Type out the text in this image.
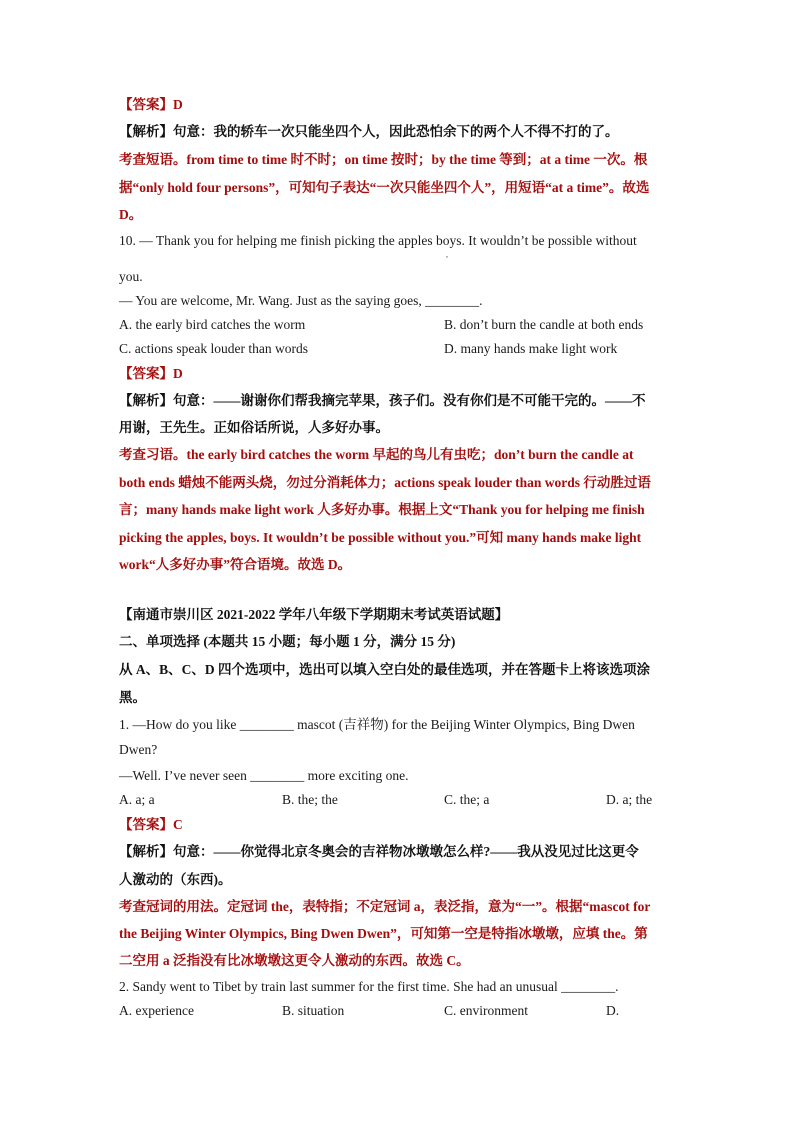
【答案】D
【解析】句意：我的轿车一次只能坐四个人，因此恐怕余下的两个人不得不打的了。
考查短语。from time to time 时不时；on time 按时；by the time 等到；at a time 一次。根
据“only hold four persons”，可知句子表达“一次只能坐四个人”，用短语“at a time”。故选
D。
10. — Thank you for helping me finish picking the apples boys. It wouldn’t be possible without
,
you.
— You are welcome, Mr. Wang. Just as the saying goes, ________.
A. the early bird catches the worm	B. don’t burn the candle at both ends
C. actions speak louder than words	D. many hands make light work
【答案】D
【解析】句意：——谢谢你们帮我摘完苹果，孩子们。没有你们是不可能干完的。——不
用谢，王先生。正如俗话所说，人多好办事。
考查习语。the early bird catches the worm 早起的鸟儿有虫吃；don’t burn the candle at
both ends 蜡烛不能两头烧，勿过分消耗体力；actions speak louder than words 行动胜过语
言；many hands make light work 人多好办事。根据上文“Thank you for helping me finish
picking the apples, boys. It wouldn’t be possible without you.”可知 many hands make light
work“人多好办事”符合语境。故选 D。
【南通市崇川区 2021-2022 学年八年级下学期期末考试英语试题】
二、单项选择 (本题共 15 小题；每小题 1 分，满分 15 分)
从 A、B、C、D 四个选项中，选出可以填入空白处的最佳选项，并在答题卡上将该选项涂
黑。
1. —How do you like ________ mascot (吉祥物) for the Beijing Winter Olympics, Bing Dwen
Dwen?
—Well. I’ve never seen ________ more exciting one.
A. a; a	B. the; the	C. the; a	D. a; the
【答案】C
【解析】句意：——你觉得北京冬奥会的吉祥物冰墩墩怎么样?——我从没见过比这更令
人激动的（东西)。
考查冠词的用法。定冠词 the，表特指；不定冠词 a，表泛指，意为“一”。根据“mascot for
the Beijing Winter Olympics, Bing Dwen Dwen”，可知第一空是特指冰墩墩，应填 the。第
二空用 a 泛指没有比冰墩墩这更令人激动的东西。故选 C。
2. Sandy went to Tibet by train last summer for the first time. She had an unusual ________.
A. experience	B. situation	C. environment	D.
